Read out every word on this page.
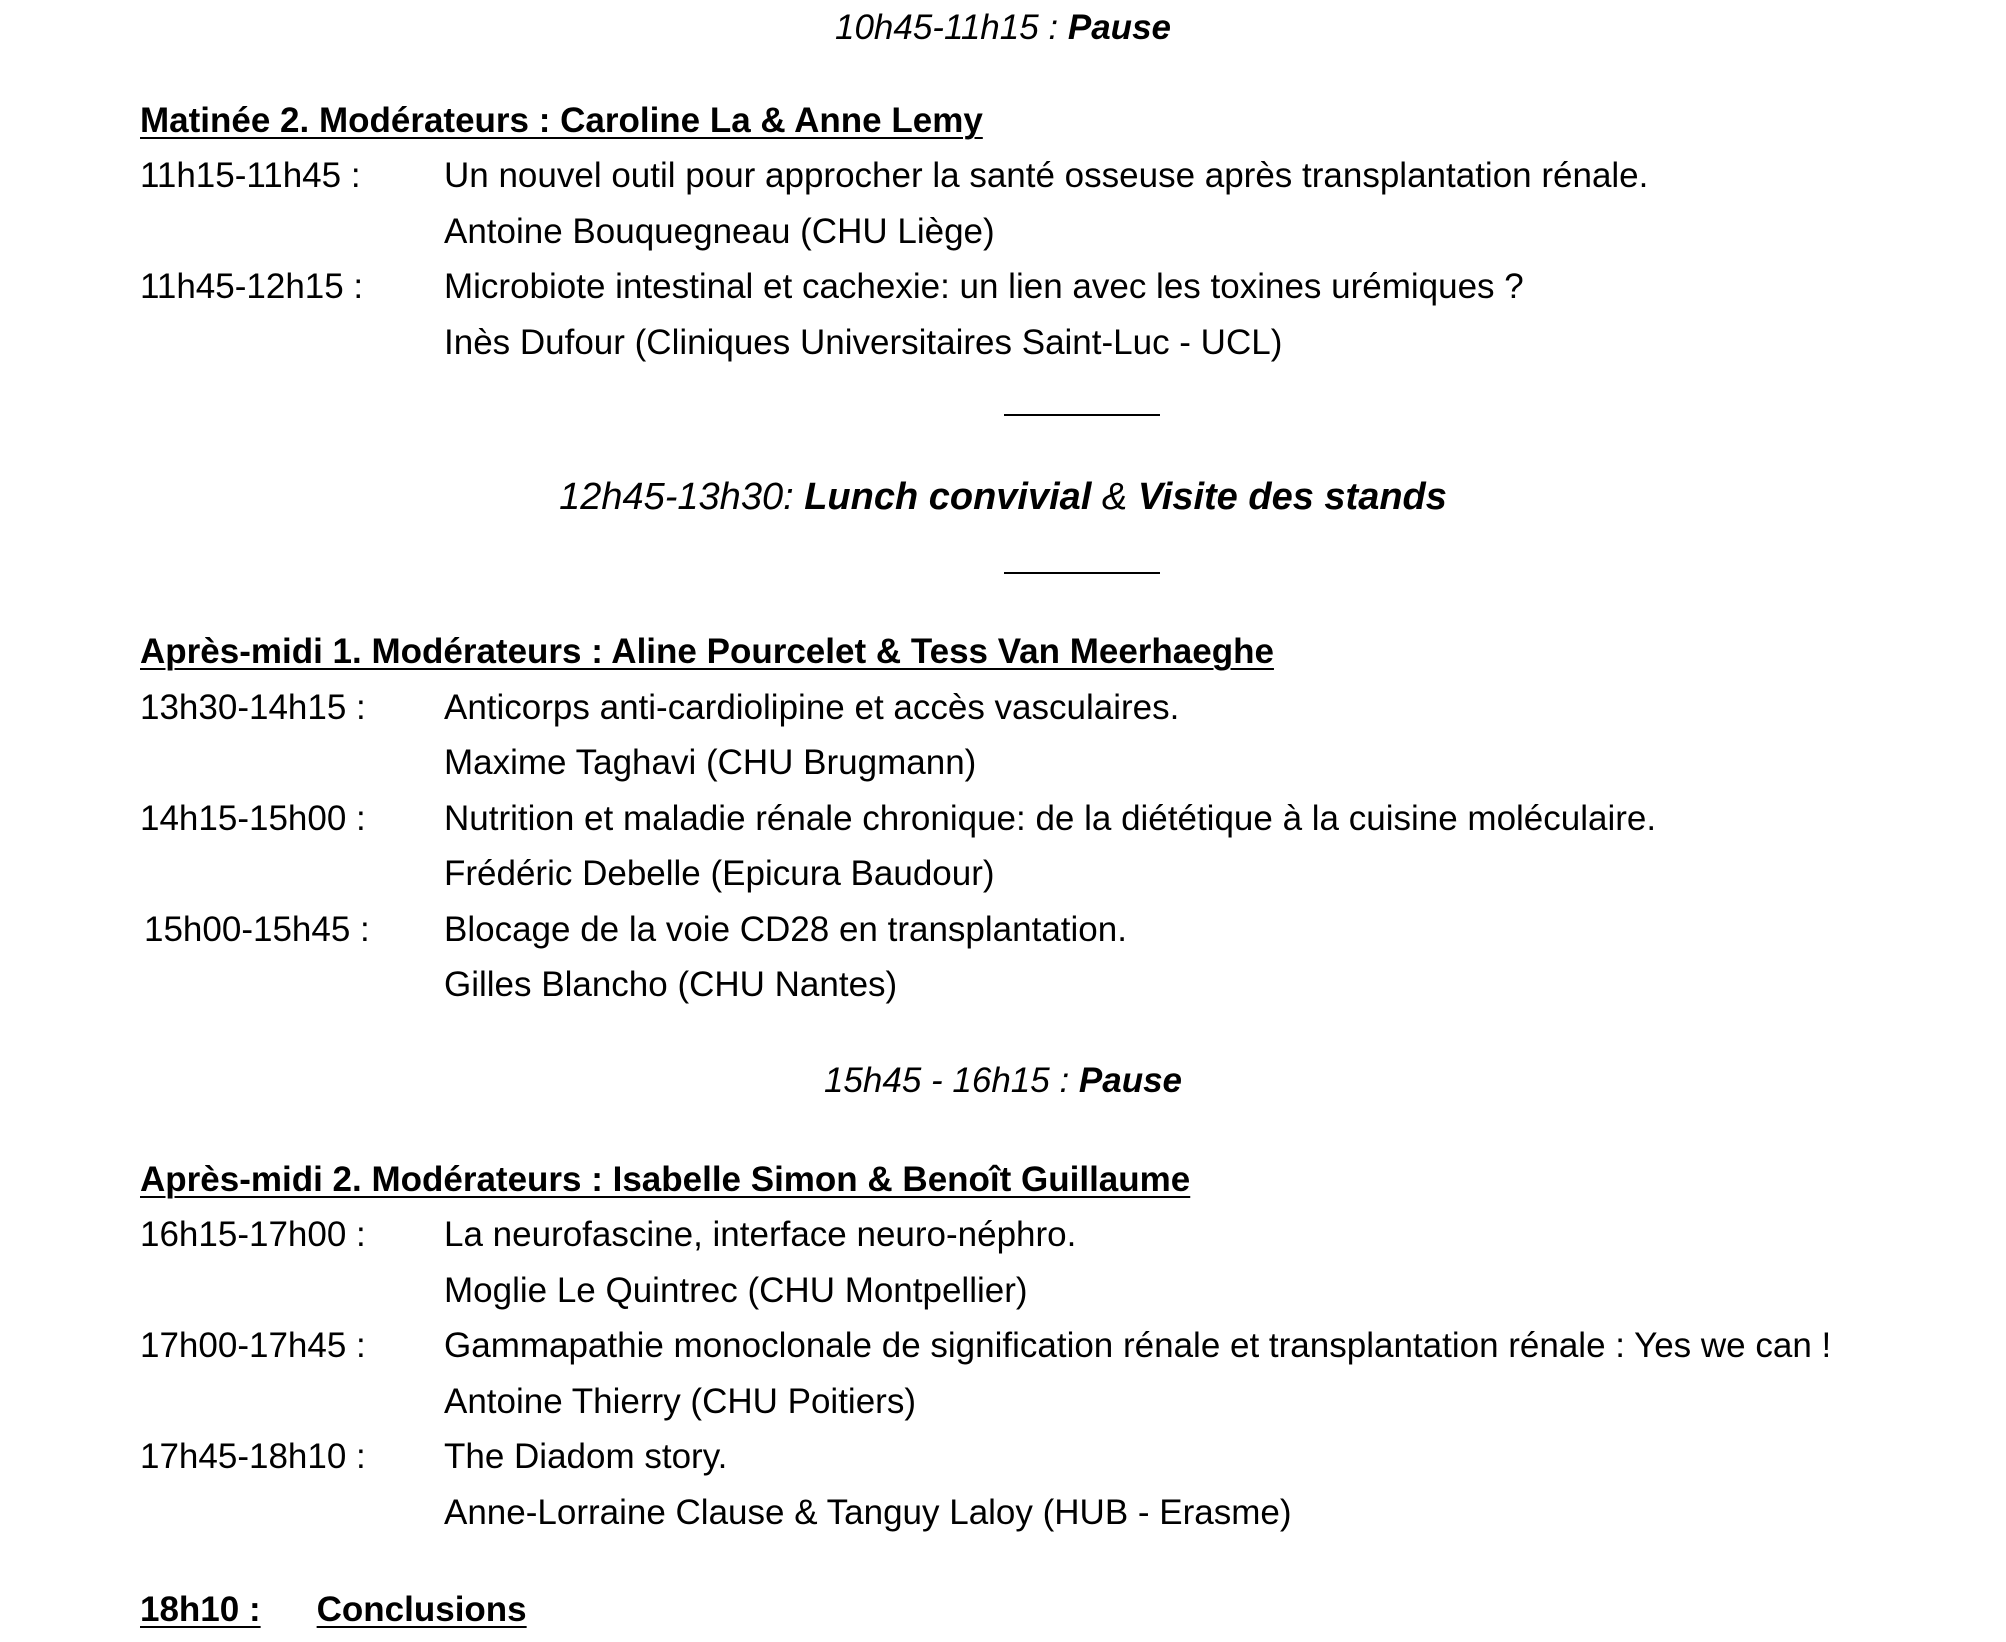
10h45-11h15 : Pause
Matinée 2. Modérateurs : Caroline La & Anne Lemy
11h15-11h45 : Un nouvel outil pour approcher la santé osseuse après transplantation rénale.
Antoine Bouquegneau (CHU Liège)
11h45-12h15 : Microbiote intestinal et cachexie: un lien avec les toxines urémiques ?
Inès Dufour (Cliniques Universitaires Saint-Luc - UCL)
12h45-13h30: Lunch convivial & Visite des stands
Après-midi 1. Modérateurs : Aline Pourcelet & Tess Van Meerhaeghe
13h30-14h15 : Anticorps anti-cardiolipine et accès vasculaires.
Maxime Taghavi (CHU Brugmann)
14h15-15h00 : Nutrition et maladie rénale chronique: de la diététique à la cuisine moléculaire.
Frédéric Debelle (Epicura Baudour)
15h00-15h45 : Blocage de la voie CD28 en transplantation.
Gilles Blancho (CHU Nantes)
15h45 - 16h15 : Pause
Après-midi 2. Modérateurs : Isabelle Simon & Benoît Guillaume
16h15-17h00 : La neurofascine, interface neuro-néphro.
Moglie Le Quintrec (CHU Montpellier)
17h00-17h45 : Gammapathie monoclonale de signification rénale et transplantation rénale : Yes we can !
Antoine Thierry (CHU Poitiers)
17h45-18h10 : The Diadom story.
Anne-Lorraine Clause & Tanguy Laloy (HUB - Erasme)
18h10 : Conclusions
